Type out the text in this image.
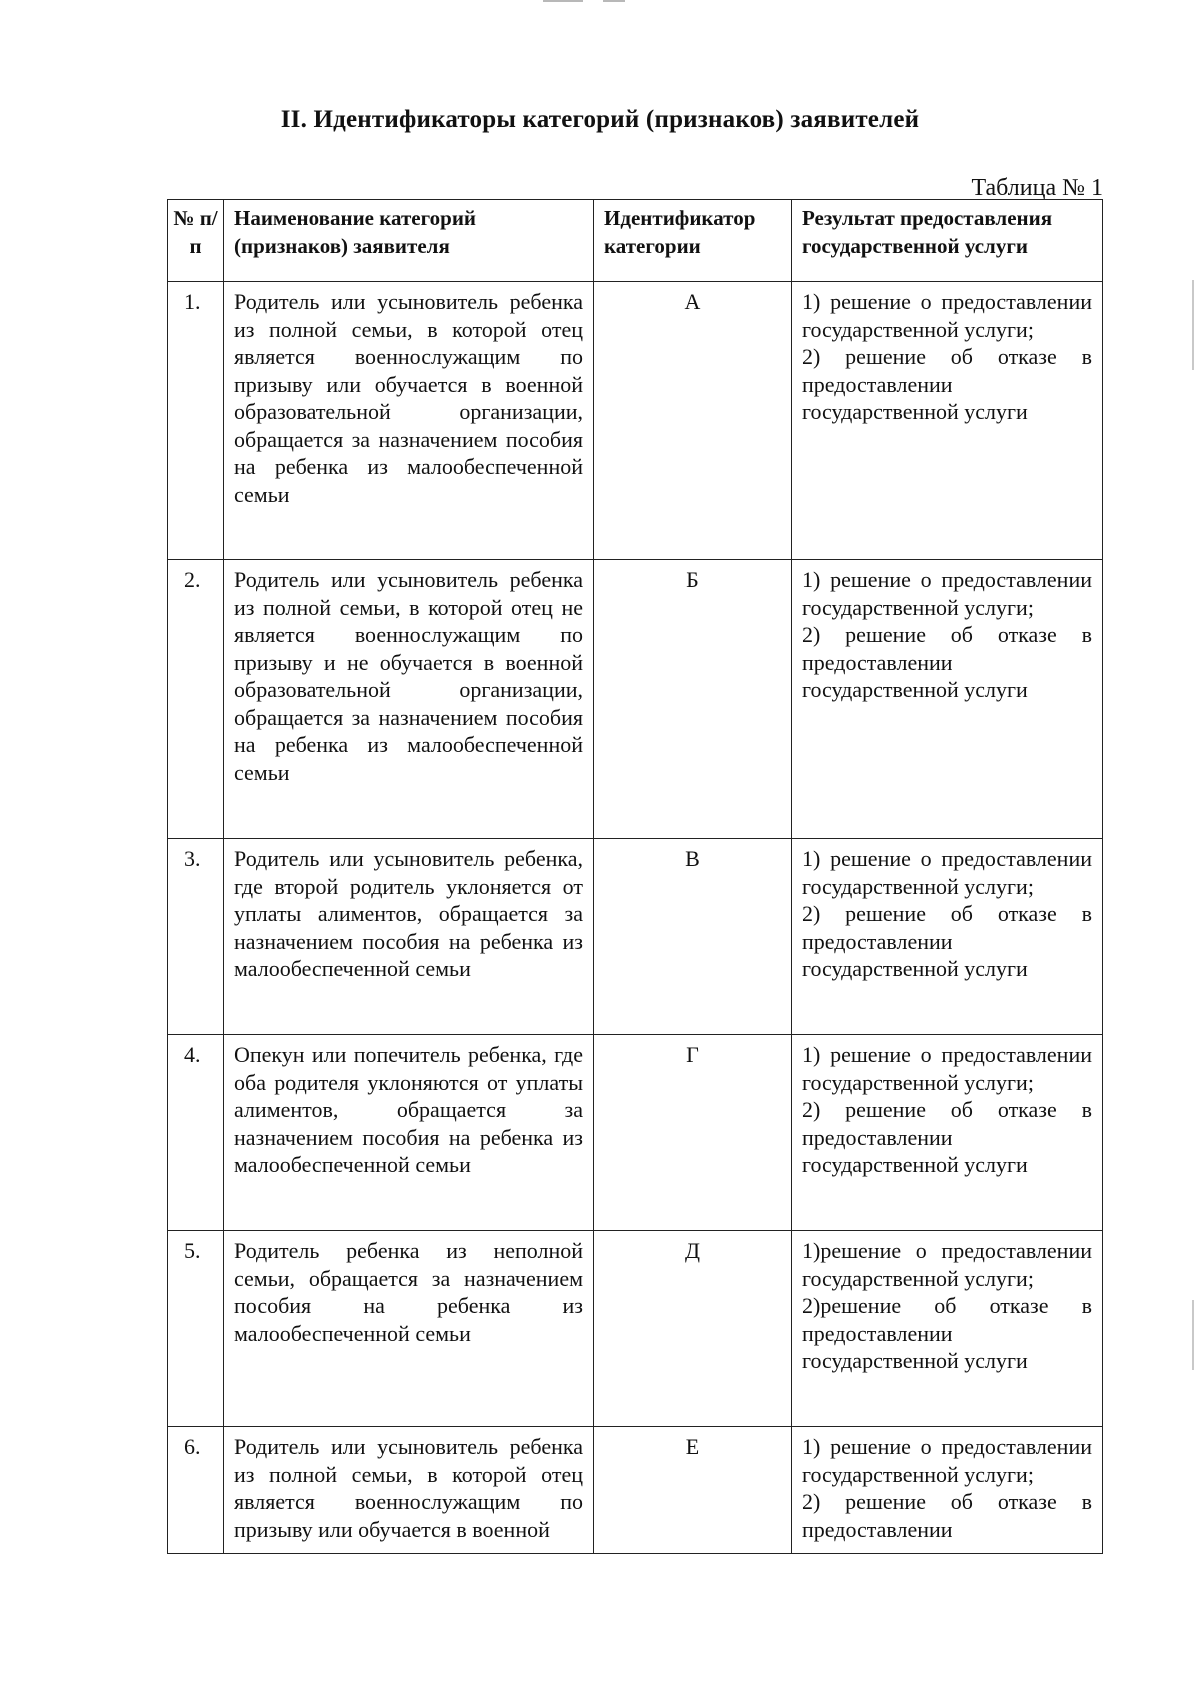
II. Идентификаторы категорий (признаков) заявителей
Таблица № 1
№ п/п	Наименование категорий (признаков) заявителя	Идентификатор категории	Результат предоставления государственной услуги
1.	Родитель или усыновитель ребенка из полной семьи, в которой отец является военнослужащим по призыву или обучается в военной образовательной организации, обращается за назначением пособия на ребенка из малообеспеченной семьи	А	1) решение о предоставлении государственной услуги;
2) решение об отказе в предоставлении государственной услуги

2.	Родитель или усыновитель ребенка из полной семьи, в которой отец не является военнослужащим по призыву и не обучается в военной образовательной организации, обращается за назначением пособия на ребенка из малообеспеченной семьи	Б	1) решение о предоставлении государственной услуги;
2) решение об отказе в предоставлении государственной услуги

3.	Родитель или усыновитель ребенка, где второй родитель уклоняется от уплаты алиментов, обращается за назначением пособия на ребенка из малообеспеченной семьи	В	1) решение о предоставлении государственной услуги;
2) решение об отказе в предоставлении государственной услуги

4.	Опекун или попечитель ребенка, где оба родителя уклоняются от уплаты алиментов, обращается за назначением пособия на ребенка из малообеспеченной семьи	Г	1) решение о предоставлении государственной услуги;
2) решение об отказе в предоставлении государственной услуги

5.	Родитель ребенка из неполной семьи, обращается за назначением пособия на ребенка из малообеспеченной семьи	Д	1)решение о предоставлении государственной услуги;
2)решение об отказе в предоставлении государственной услуги

6.	Родитель или усыновитель ребенка из полной семьи, в которой отец является военнослужащим по призыву или обучается в военной	Е	1) решение о предоставлении государственной услуги;
2) решение об отказе в предоставлении
